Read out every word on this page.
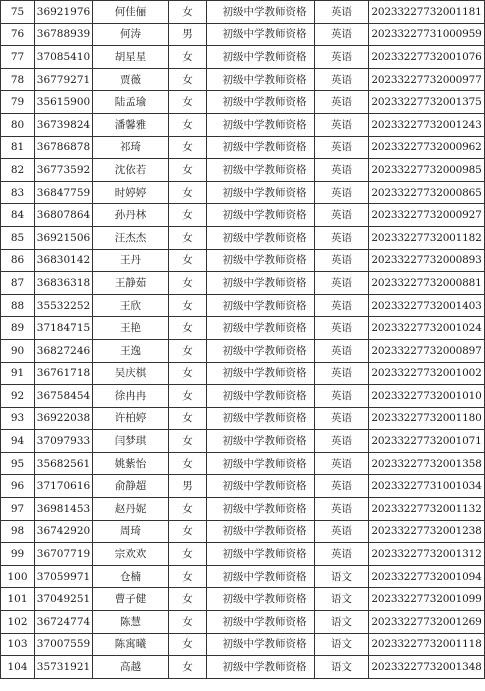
75	36921976	何佳俪	女	初级中学教师资格	英语	20233227732001181
76	36788939	何涛	男	初级中学教师资格	英语	20233227731000959
77	37085410	胡星星	女	初级中学教师资格	英语	20233227732001076
78	36779271	贾薇	女	初级中学教师资格	英语	20233227732000977
79	35615900	陆孟瑜	女	初级中学教师资格	英语	20233227732001375
80	36739824	潘馨雅	女	初级中学教师资格	英语	20233227732001243
81	36786878	祁琦	女	初级中学教师资格	英语	20233227732000962
82	36773592	沈依若	女	初级中学教师资格	英语	20233227732000985
83	36847759	时婷婷	女	初级中学教师资格	英语	20233227732000865
84	36807864	孙丹林	女	初级中学教师资格	英语	20233227732000927
85	36921506	汪杰杰	女	初级中学教师资格	英语	20233227732001182
86	36830142	王丹	女	初级中学教师资格	英语	20233227732000893
87	36836318	王静茹	女	初级中学教师资格	英语	20233227732000881
88	35532252	王欣	女	初级中学教师资格	英语	20233227732001403
89	37184715	王艳	女	初级中学教师资格	英语	20233227732001024
90	36827246	王逸	女	初级中学教师资格	英语	20233227732000897
91	36761718	吴庆棋	女	初级中学教师资格	英语	20233227732001002
92	36758454	徐冉冉	女	初级中学教师资格	英语	20233227732001010
93	36922038	许柏婷	女	初级中学教师资格	英语	20233227732001180
94	37097933	闫梦琪	女	初级中学教师资格	英语	20233227732001071
95	35682561	姚紫怡	女	初级中学教师资格	英语	20233227732001358
96	37170616	俞静超	男	初级中学教师资格	英语	20233227731001034
97	36981453	赵丹妮	女	初级中学教师资格	英语	20233227732001132
98	36742920	周琦	女	初级中学教师资格	英语	20233227732001238
99	36707719	宗欢欢	女	初级中学教师资格	英语	20233227732001312
100	37059971	仓楠	女	初级中学教师资格	语文	20233227732001094
101	37049251	曹子健	女	初级中学教师资格	语文	20233227732001099
102	36724774	陈慧	女	初级中学教师资格	语文	20233227732001269
103	37007559	陈寓曦	女	初级中学教师资格	语文	20233227732001118
104	35731921	高越	女	初级中学教师资格	语文	20233227732001348
